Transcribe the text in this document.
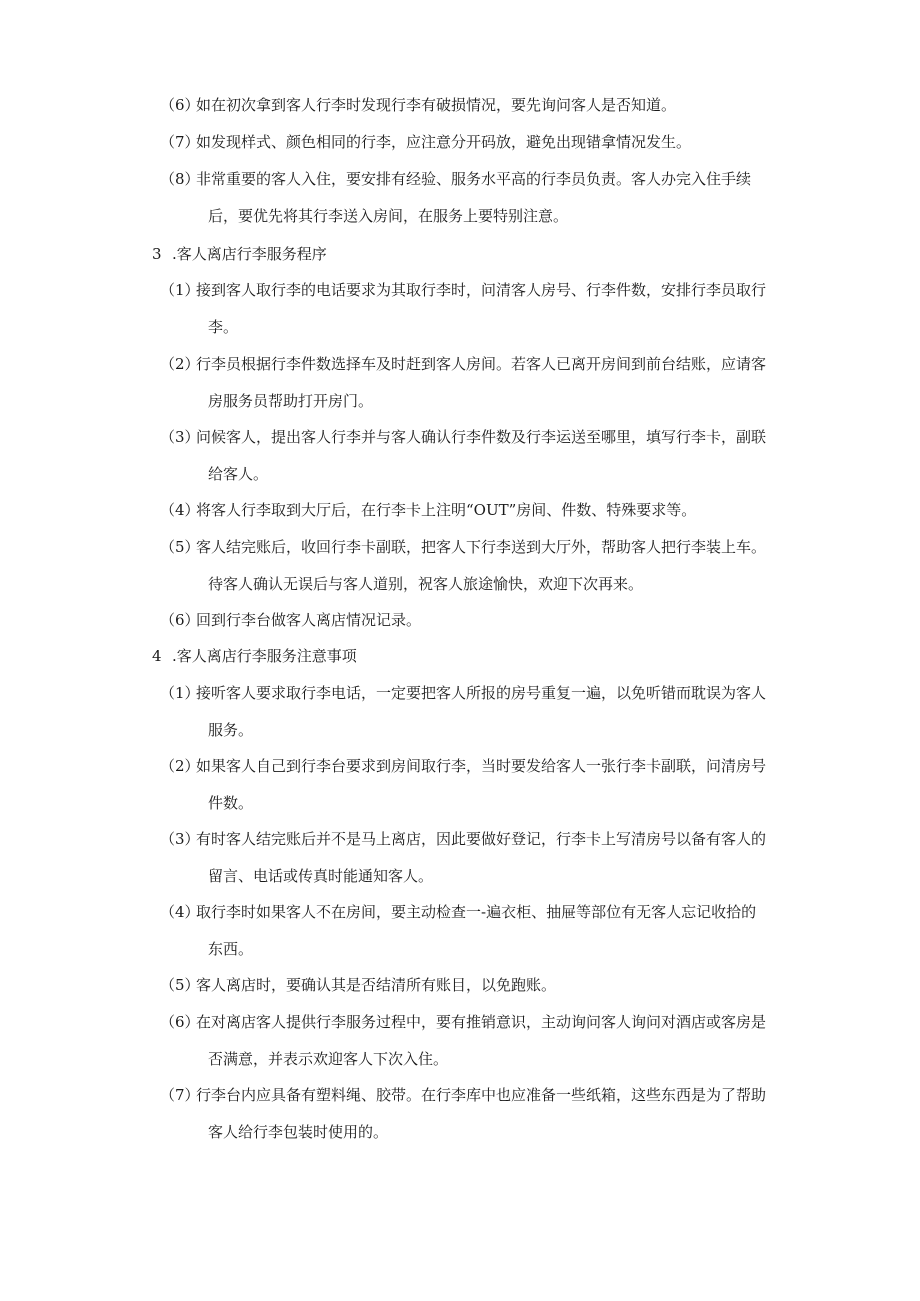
（6）如在初次拿到客人行李时发现行李有破损情况，要先询问客人是否知道。
（7）如发现样式、颜色相同的行李，应注意分开码放，避免出现错拿情况发生。
（8）非常重要的客人入住，要安排有经验、服务水平高的行李员负责。客人办完入住手续
后，要优先将其行李送入房间，在服务上要特别注意。
3 .客人离店行李服务程序
（1）接到客人取行李的电话要求为其取行李时，问清客人房号、行李件数，安排行李员取行
李。
（2）行李员根据行李件数选择车及时赶到客人房间。若客人已离开房间到前台结账，应请客
房服务员帮助打开房门。
（3）问候客人，提出客人行李并与客人确认行李件数及行李运送至哪里，填写行李卡，副联
给客人。
（4）将客人行李取到大厅后，在行李卡上注明“OUT”房间、件数、特殊要求等。
（5）客人结完账后，收回行李卡副联，把客人下行李送到大厅外，帮助客人把行李装上车。
待客人确认无误后与客人道别，祝客人旅途愉快，欢迎下次再来。
（6）回到行李台做客人离店情况记录。
4 .客人离店行李服务注意事项
（1）接听客人要求取行李电话，一定要把客人所报的房号重复一遍，以免听错而耽误为客人
服务。
（2）如果客人自己到行李台要求到房间取行李，当时要发给客人一张行李卡副联，问清房号
件数。
（3）有时客人结完账后并不是马上离店，因此要做好登记，行李卡上写清房号以备有客人的
留言、电话或传真时能通知客人。
（4）取行李时如果客人不在房间，要主动检查一-遍衣柜、抽屉等部位有无客人忘记收拾的
东西。
（5）客人离店时，要确认其是否结清所有账目，以免跑账。
（6）在对离店客人提供行李服务过程中，要有推销意识，主动询问客人询问对酒店或客房是
否满意，并表示欢迎客人下次入住。
（7）行李台内应具备有塑料绳、胶带。在行李库中也应准备一些纸箱，这些东西是为了帮助
客人给行李包装时使用的。
